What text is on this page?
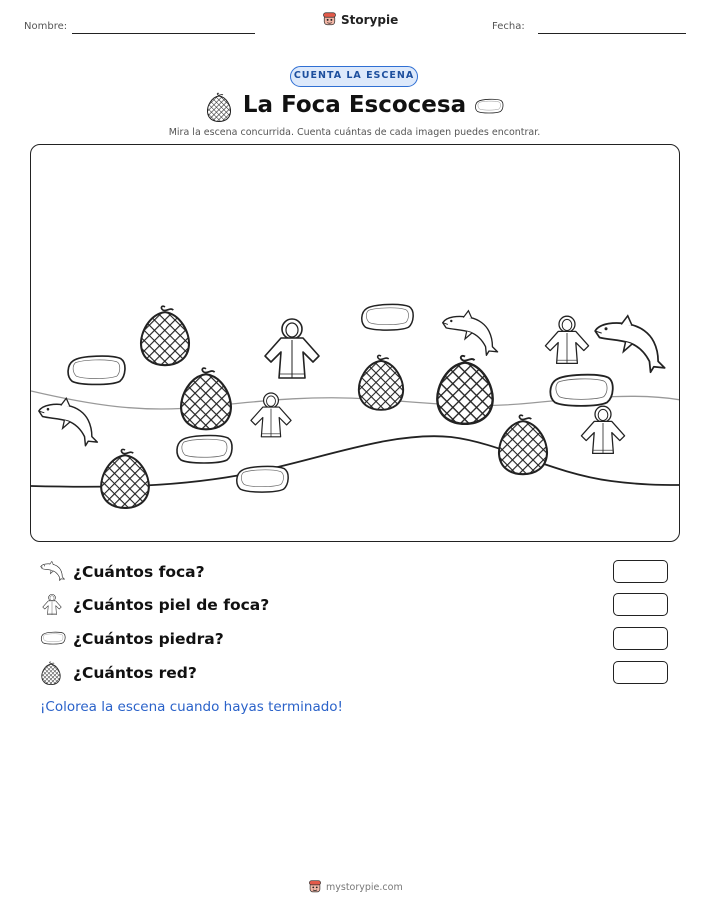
Nombre:	Storypie	Fecha:
CUENTA LA ESCENA
La Foca Escocesa
Mira la escena concurrida. Cuenta cuántas de cada imagen puedes encontrar.
¿Cuántos foca?
¿Cuántos piel de foca?
¿Cuántos piedra?
¿Cuántos red?
¡Colorea la escena cuando hayas terminado!
mystorypie.com
